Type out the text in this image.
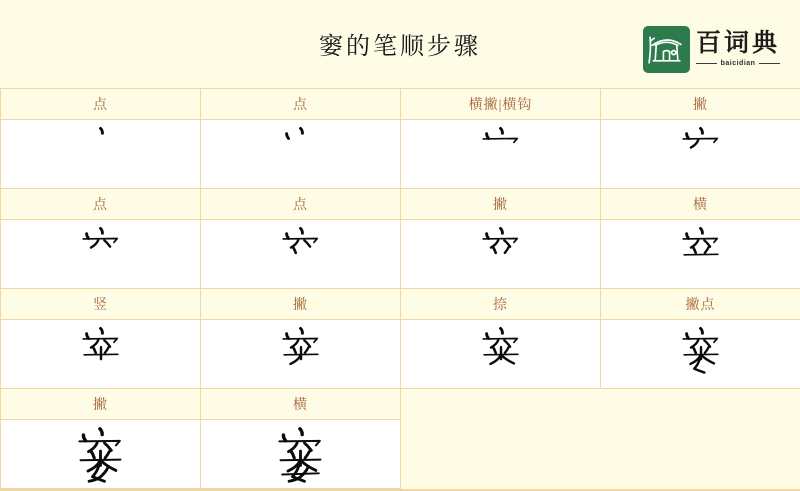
窭的笔顺步骤	百词典
baicidian
点	点	横撇|横钩	撇
点	点	撇	横
竖	撇	捺	撇点
撇	横
